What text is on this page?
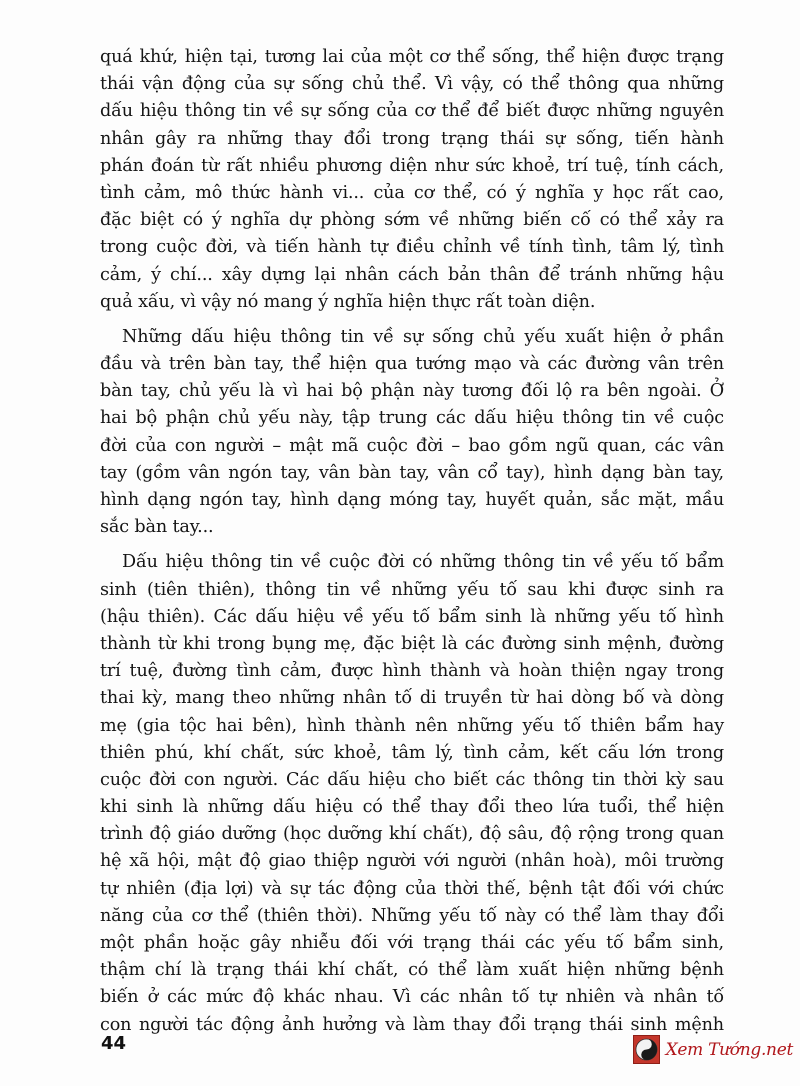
quá khứ, hiện tại, tương lai của một cơ thể sống, thể hiện được trạng
thái vận động của sự sống chủ thể. Vì vậy, có thể thông qua những
dấu hiệu thông tin về sự sống của cơ thể để biết được những nguyên
nhân gây ra những thay đổi trong trạng thái sự sống, tiến hành
phán đoán từ rất nhiều phương diện như sức khoẻ, trí tuệ, tính cách,
tình cảm, mô thức hành vi... của cơ thể, có ý nghĩa y học rất cao,
đặc biệt có ý nghĩa dự phòng sớm về những biến cố có thể xảy ra
trong cuộc đời, và tiến hành tự điều chỉnh về tính tình, tâm lý, tình
cảm, ý chí... xây dựng lại nhân cách bản thân để tránh những hậu
quả xấu, vì vậy nó mang ý nghĩa hiện thực rất toàn diện.
Những dấu hiệu thông tin về sự sống chủ yếu xuất hiện ở phần
đầu và trên bàn tay, thể hiện qua tướng mạo và các đường vân trên
bàn tay, chủ yếu là vì hai bộ phận này tương đối lộ ra bên ngoài. Ở
hai bộ phận chủ yếu này, tập trung các dấu hiệu thông tin về cuộc
đời của con người – mật mã cuộc đời – bao gồm ngũ quan, các vân
tay (gồm vân ngón tay, vân bàn tay, vân cổ tay), hình dạng bàn tay,
hình dạng ngón tay, hình dạng móng tay, huyết quản, sắc mặt, mầu
sắc bàn tay...
Dấu hiệu thông tin về cuộc đời có những thông tin về yếu tố bẩm
sinh (tiên thiên), thông tin về những yếu tố sau khi được sinh ra
(hậu thiên). Các dấu hiệu về yếu tố bẩm sinh là những yếu tố hình
thành từ khi trong bụng mẹ, đặc biệt là các đường sinh mệnh, đường
trí tuệ, đường tình cảm, được hình thành và hoàn thiện ngay trong
thai kỳ, mang theo những nhân tố di truyền từ hai dòng bố và dòng
mẹ (gia tộc hai bên), hình thành nên những yếu tố thiên bẩm hay
thiên phú, khí chất, sức khoẻ, tâm lý, tình cảm, kết cấu lớn trong
cuộc đời con người. Các dấu hiệu cho biết các thông tin thời kỳ sau
khi sinh là những dấu hiệu có thể thay đổi theo lứa tuổi, thể hiện
trình độ giáo dưỡng (học dưỡng khí chất), độ sâu, độ rộng trong quan
hệ xã hội, mật độ giao thiệp người với người (nhân hoà), môi trường
tự nhiên (địa lợi) và sự tác động của thời thế, bệnh tật đối với chức
năng của cơ thể (thiên thời). Những yếu tố này có thể làm thay đổi
một phần hoặc gây nhiễu đối với trạng thái các yếu tố bẩm sinh,
thậm chí là trạng thái khí chất, có thể làm xuất hiện những bệnh
biến ở các mức độ khác nhau. Vì các nhân tố tự nhiên và nhân tố
con người tác động ảnh hưởng và làm thay đổi trạng thái sinh mệnh
44	Xem Tướng.net
